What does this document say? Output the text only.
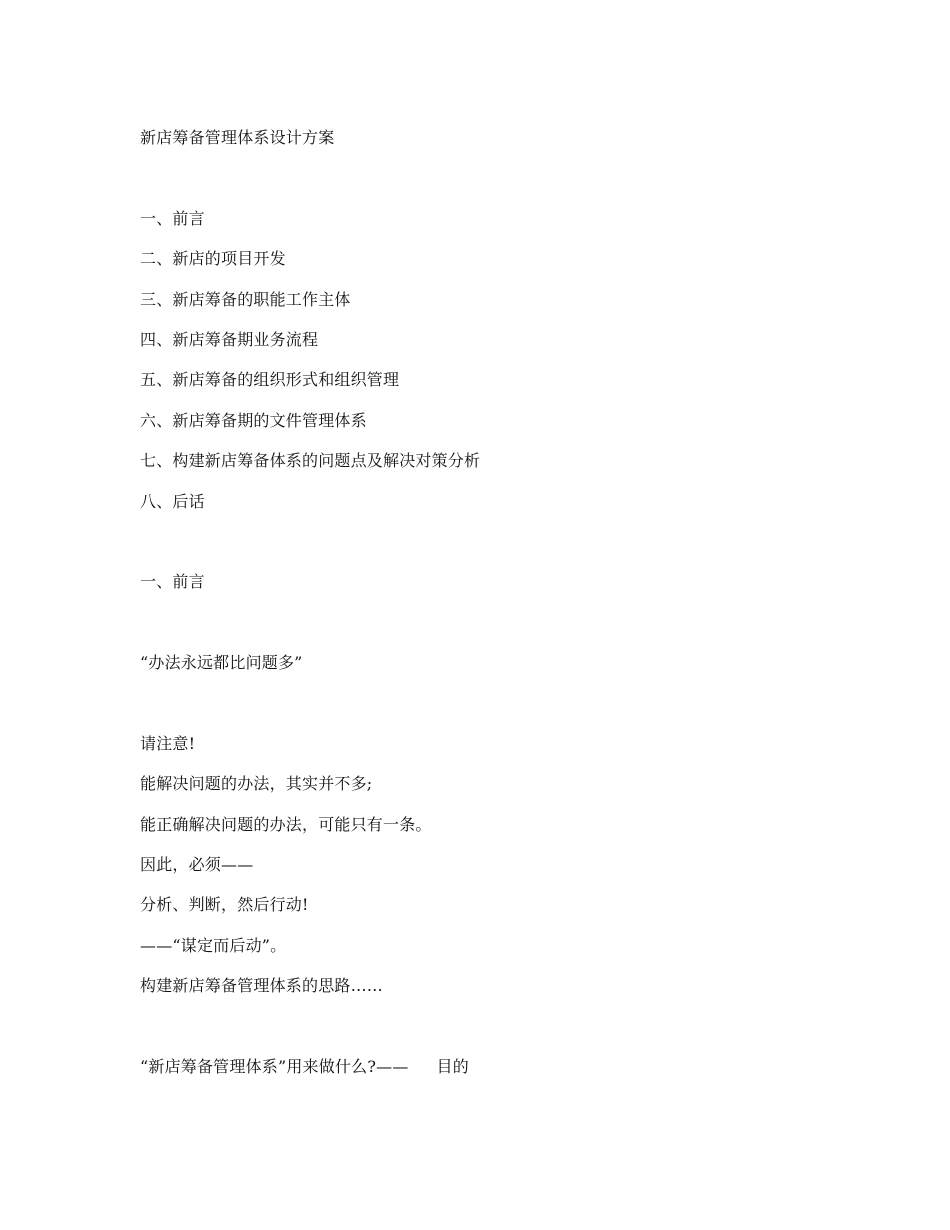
新店筹备管理体系设计方案
一、前言
二、新店的项目开发
三、新店筹备的职能工作主体
四、新店筹备期业务流程
五、新店筹备的组织形式和组织管理
六、新店筹备期的文件管理体系
七、构建新店筹备体系的问题点及解决对策分析
八、后话
一、前言
“办法永远都比问题多”
请注意!
能解决问题的办法，其实并不多;
能正确解决问题的办法，可能只有一条。
因此，必须——
分析、判断，然后行动!
——“谋定而后动”。
构建新店筹备管理体系的思路……
“新店筹备管理体系”用来做什么?—— 目的
